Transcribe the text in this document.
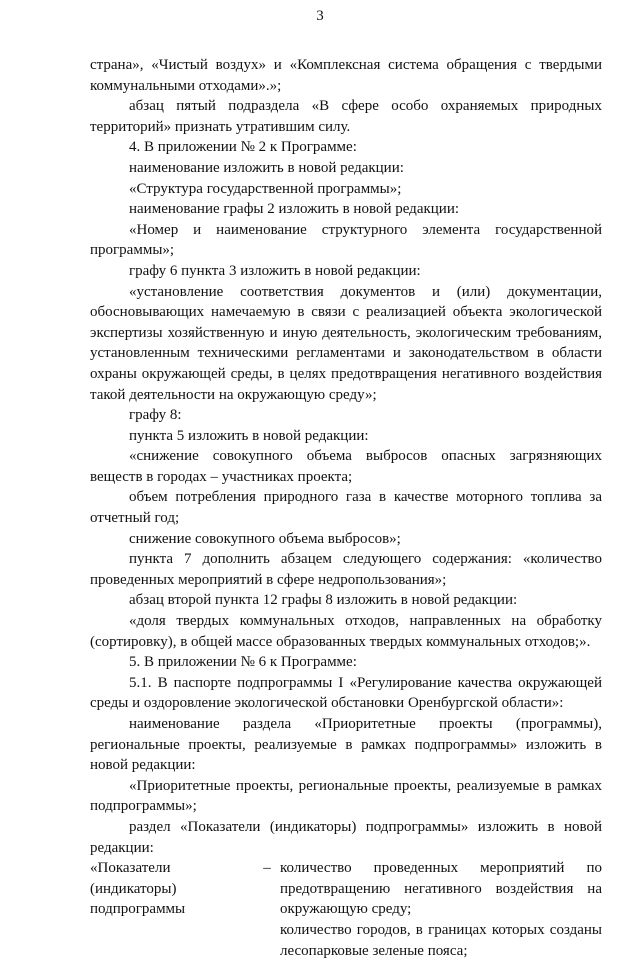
3

страна», «Чистый воздух» и «Комплексная система обращения с твердыми коммунальными отходами».»;

абзац пятый подраздела «В сфере особо охраняемых природных территорий» признать утратившим силу.

4. В приложении № 2 к Программе:

наименование изложить в новой редакции:

«Структура государственной программы»;

наименование графы 2 изложить в новой редакции:

«Номер и наименование структурного элемента государственной программы»;

графу 6 пункта 3 изложить в новой редакции:

«установление соответствия документов и (или) документации, обосновывающих намечаемую в связи с реализацией объекта экологической экспертизы хозяйственную и иную деятельность, экологическим требованиям, установленным техническими регламентами и законодательством в области охраны окружающей среды, в целях предотвращения негативного воздействия такой деятельности на окружающую среду»;

графу 8:

пункта 5 изложить в новой редакции:

«снижение совокупного объема выбросов опасных загрязняющих веществ в городах – участниках проекта;

объем потребления природного газа в качестве моторного топлива за отчетный год;

снижение совокупного объема выбросов»;

пункта 7 дополнить абзацем следующего содержания: «количество проведенных мероприятий в сфере недропользования»;

абзац второй пункта 12 графы 8 изложить в новой редакции:

«доля твердых коммунальных отходов, направленных на обработку (сортировку), в общей массе образованных твердых коммунальных отходов;».

5. В приложении № 6 к Программе:

5.1. В паспорте подпрограммы I «Регулирование качества окружающей среды и оздоровление экологической обстановки Оренбургской области»:

наименование раздела «Приоритетные проекты (программы), региональные проекты, реализуемые в рамках подпрограммы» изложить в новой редакции:

«Приоритетные проекты, региональные проекты, реализуемые в рамках подпрограммы»;

раздел «Показатели (индикаторы) подпрограммы» изложить в новой редакции:

«Показатели (индикаторы) подпрограммы
– количество проведенных мероприятий по предотвращению негативного воздействия на окружающую среду;

количество городов, в границах которых созданы лесопарковые зеленые пояса;
